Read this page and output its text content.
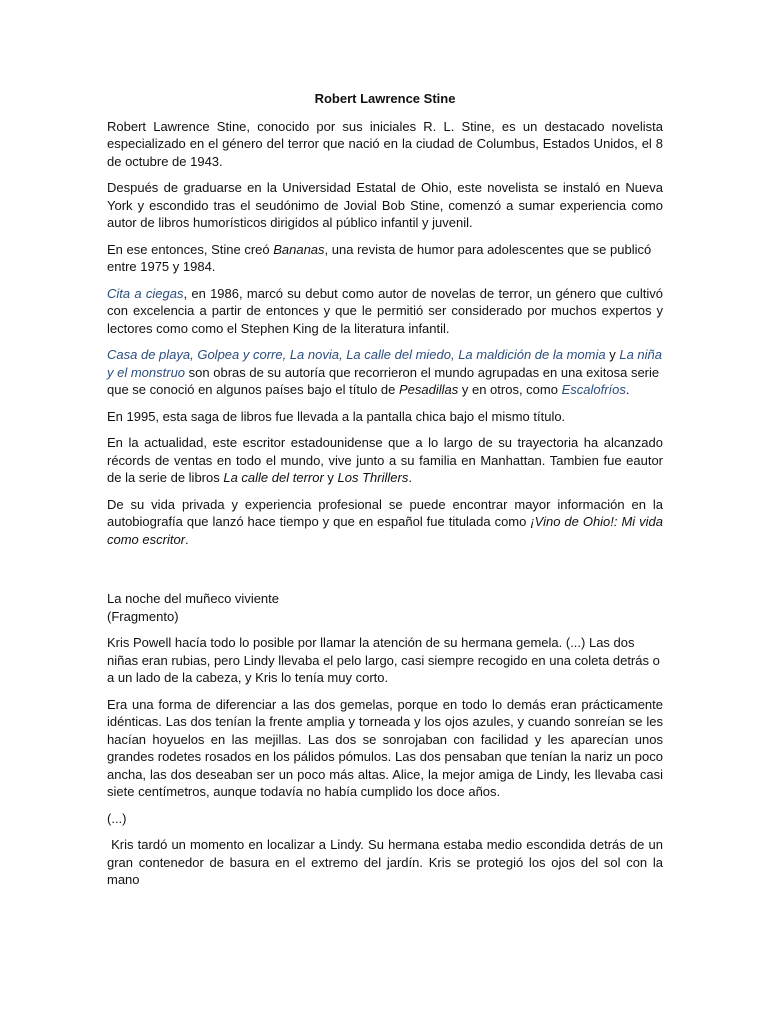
Robert Lawrence Stine

Robert Lawrence Stine, conocido por sus iniciales R. L. Stine, es un destacado novelista especializado en el género del terror que nació en la ciudad de Columbus, Estados Unidos, el 8 de octubre de 1943.

Después de graduarse en la Universidad Estatal de Ohio, este novelista se instaló en Nueva York y escondido tras el seudónimo de Jovial Bob Stine, comenzó a sumar experiencia como autor de libros humorísticos dirigidos al público infantil y juvenil.

En ese entonces, Stine creó Bananas, una revista de humor para adolescentes que se publicó entre 1975 y 1984.

Cita a ciegas, en 1986, marcó su debut como autor de novelas de terror, un género que cultivó con excelencia a partir de entonces y que le permitió ser considerado por muchos expertos y lectores como como el Stephen King de la literatura infantil.

Casa de playa, Golpea y corre, La novia, La calle del miedo, La maldición de la momia y La niña y el monstruo son obras de su autoría que recorrieron el mundo agrupadas en una exitosa serie que se conoció en algunos países bajo el título de Pesadillas y en otros, como Escalofríos.

En 1995, esta saga de libros fue llevada a la pantalla chica bajo el mismo título.

En la actualidad, este escritor estadounidense que a lo largo de su trayectoria ha alcanzado récords de ventas en todo el mundo, vive junto a su familia en Manhattan. Tambien fue eautor de la serie de libros La calle del terror y Los Thrillers.

De su vida privada y experiencia profesional se puede encontrar mayor información en la autobiografía que lanzó hace tiempo y que en español fue titulada como ¡Vino de Ohio!: Mi vida como escritor.

La noche del muñeco viviente

(Fragmento)

Kris Powell hacía todo lo posible por llamar la atención de su hermana gemela. (...) Las dos niñas eran rubias, pero Lindy llevaba el pelo largo, casi siempre recogido en una coleta detrás o a un lado de la cabeza, y Kris lo tenía muy corto.

Era una forma de diferenciar a las dos gemelas, porque en todo lo demás eran prácticamente idénticas. Las dos tenían la frente amplia y torneada y los ojos azules, y cuando sonreían se les hacían hoyuelos en las mejillas. Las dos se sonrojaban con facilidad y les aparecían unos grandes rodetes rosados en los pálidos pómulos. Las dos pensaban que tenían la nariz un poco ancha, las dos deseaban ser un poco más altas. Alice, la mejor amiga de Lindy, les llevaba casi siete centímetros, aunque todavía no había cumplido los doce años.

(...)

Kris tardó un momento en localizar a Lindy. Su hermana estaba medio escondida detrás de un gran contenedor de basura en el extremo del jardín. Kris se protegió los ojos del sol con la mano
